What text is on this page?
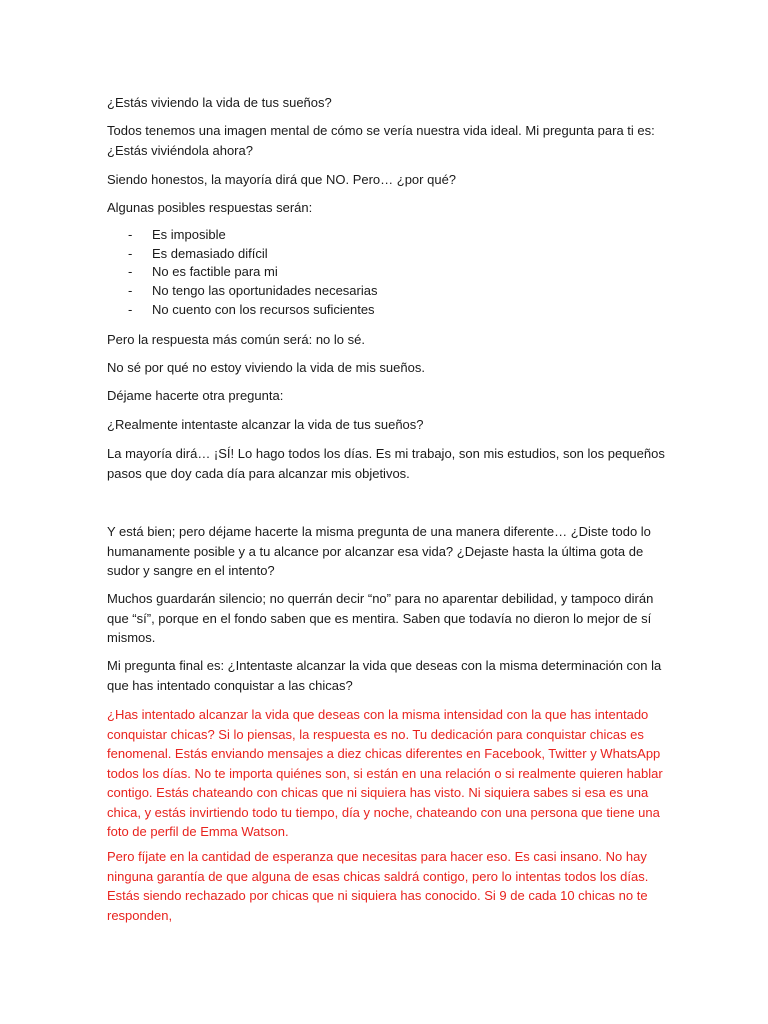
¿Estás viviendo la vida de tus sueños?

Todos tenemos una imagen mental de cómo se vería nuestra vida ideal. Mi pregunta para ti es: ¿Estás viviéndola ahora?

Siendo honestos, la mayoría dirá que NO. Pero… ¿por qué?

Algunas posibles respuestas serán:

- Es imposible
- Es demasiado difícil
- No es factible para mi
- No tengo las oportunidades necesarias
- No cuento con los recursos suficientes

Pero la respuesta más común será: no lo sé.

No sé por qué no estoy viviendo la vida de mis sueños.

Déjame hacerte otra pregunta:

¿Realmente intentaste alcanzar la vida de tus sueños?

La mayoría dirá… ¡SÍ! Lo hago todos los días. Es mi trabajo, son mis estudios, son los pequeños pasos que doy cada día para alcanzar mis objetivos.

Y está bien; pero déjame hacerte la misma pregunta de una manera diferente… ¿Diste todo lo humanamente posible y a tu alcance por alcanzar esa vida? ¿Dejaste hasta la última gota de sudor y sangre en el intento?

Muchos guardarán silencio; no querrán decir “no” para no aparentar debilidad, y tampoco dirán que “sí”, porque en el fondo saben que es mentira. Saben que todavía no dieron lo mejor de sí mismos.

Mi pregunta final es: ¿Intentaste alcanzar la vida que deseas con la misma determinación con la que has intentado conquistar a las chicas?

¿Has intentado alcanzar la vida que deseas con la misma intensidad con la que has intentado conquistar chicas? Si lo piensas, la respuesta es no. Tu dedicación para conquistar chicas es fenomenal. Estás enviando mensajes a diez chicas diferentes en Facebook, Twitter y WhatsApp todos los días. No te importa quiénes son, si están en una relación o si realmente quieren hablar contigo. Estás chateando con chicas que ni siquiera has visto. Ni siquiera sabes si esa es una chica, y estás invirtiendo todo tu tiempo, día y noche, chateando con una persona que tiene una foto de perfil de Emma Watson.

Pero fíjate en la cantidad de esperanza que necesitas para hacer eso. Es casi insano. No hay ninguna garantía de que alguna de esas chicas saldrá contigo, pero lo intentas todos los días. Estás siendo rechazado por chicas que ni siquiera has conocido. Si 9 de cada 10 chicas no te responden,
